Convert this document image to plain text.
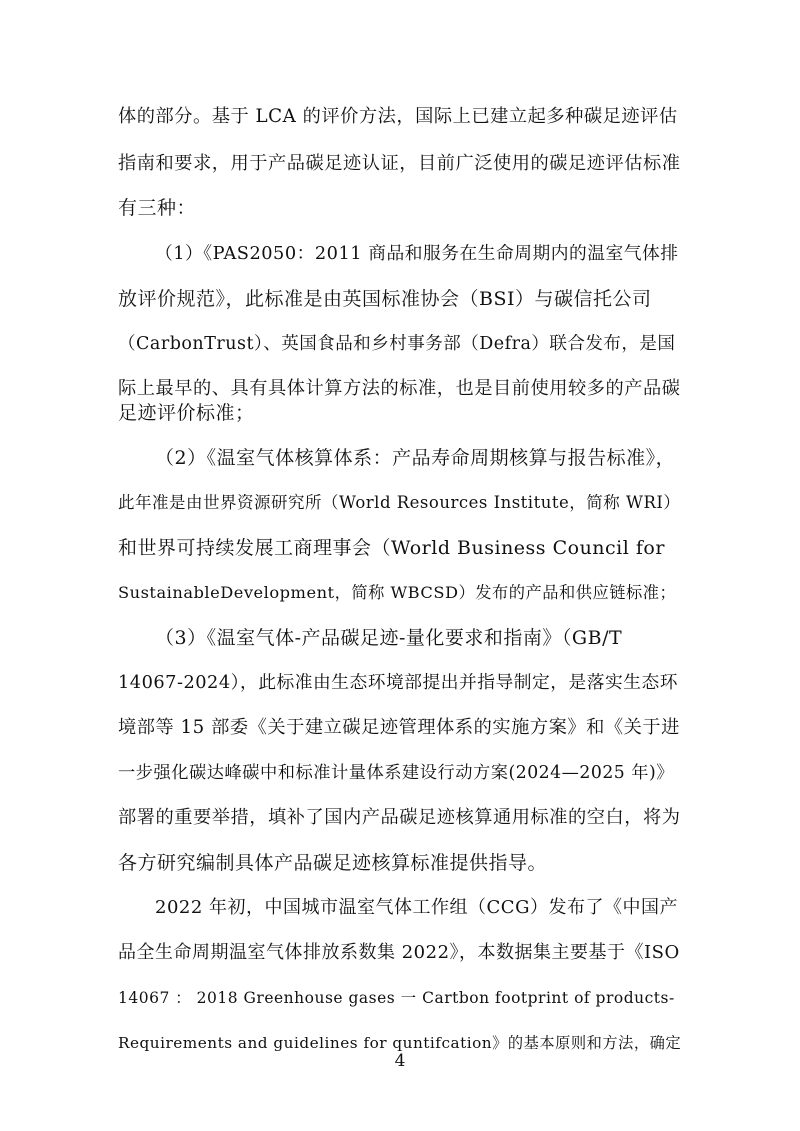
体的部分。基于 LCA 的评价方法，国际上已建立起多种碳足迹评估
指南和要求，用于产品碳足迹认证，目前广泛使用的碳足迹评估标准
有三种：
（1）《PAS2050：2011 商品和服务在生命周期内的温室气体排
放评价规范》，此标准是由英国标准协会（BSI）与碳信托公司
（CarbonTrust）、英国食品和乡村事务部（Defra）联合发布，是国
际上最早的、具有具体计算方法的标准，也是目前使用较多的产品碳
足迹评价标准；
（2）《温室气体核算体系：产品寿命周期核算与报告标准》，
此年准是由世界资源研究所（World Resources Institute，简称 WRI）
和世界可持续发展工商理事会（World Business Council for
SustainableDevelopment，简称 WBCSD）发布的产品和供应链标准；
（3）《温室气体-产品碳足迹-量化要求和指南》（GB/T
14067-2024），此标准由生态环境部提出并指导制定，是落实生态环
境部等 15 部委《关于建立碳足迹管理体系的实施方案》和《关于进
一步强化碳达峰碳中和标准计量体系建设行动方案(2024—2025 年)》
部署的重要举措，填补了国内产品碳足迹核算通用标准的空白，将为
各方研究编制具体产品碳足迹核算标准提供指导。
2022 年初，中国城市温室气体工作组（CCG）发布了《中国产
品全生命周期温室气体排放系数集 2022》，本数据集主要基于《ISO
14067 ： 2018 Greenhouse gases 一 Cartbon footprint of products-
Requirements and guidelines for quntifcation》的基本原则和方法，确定
4
